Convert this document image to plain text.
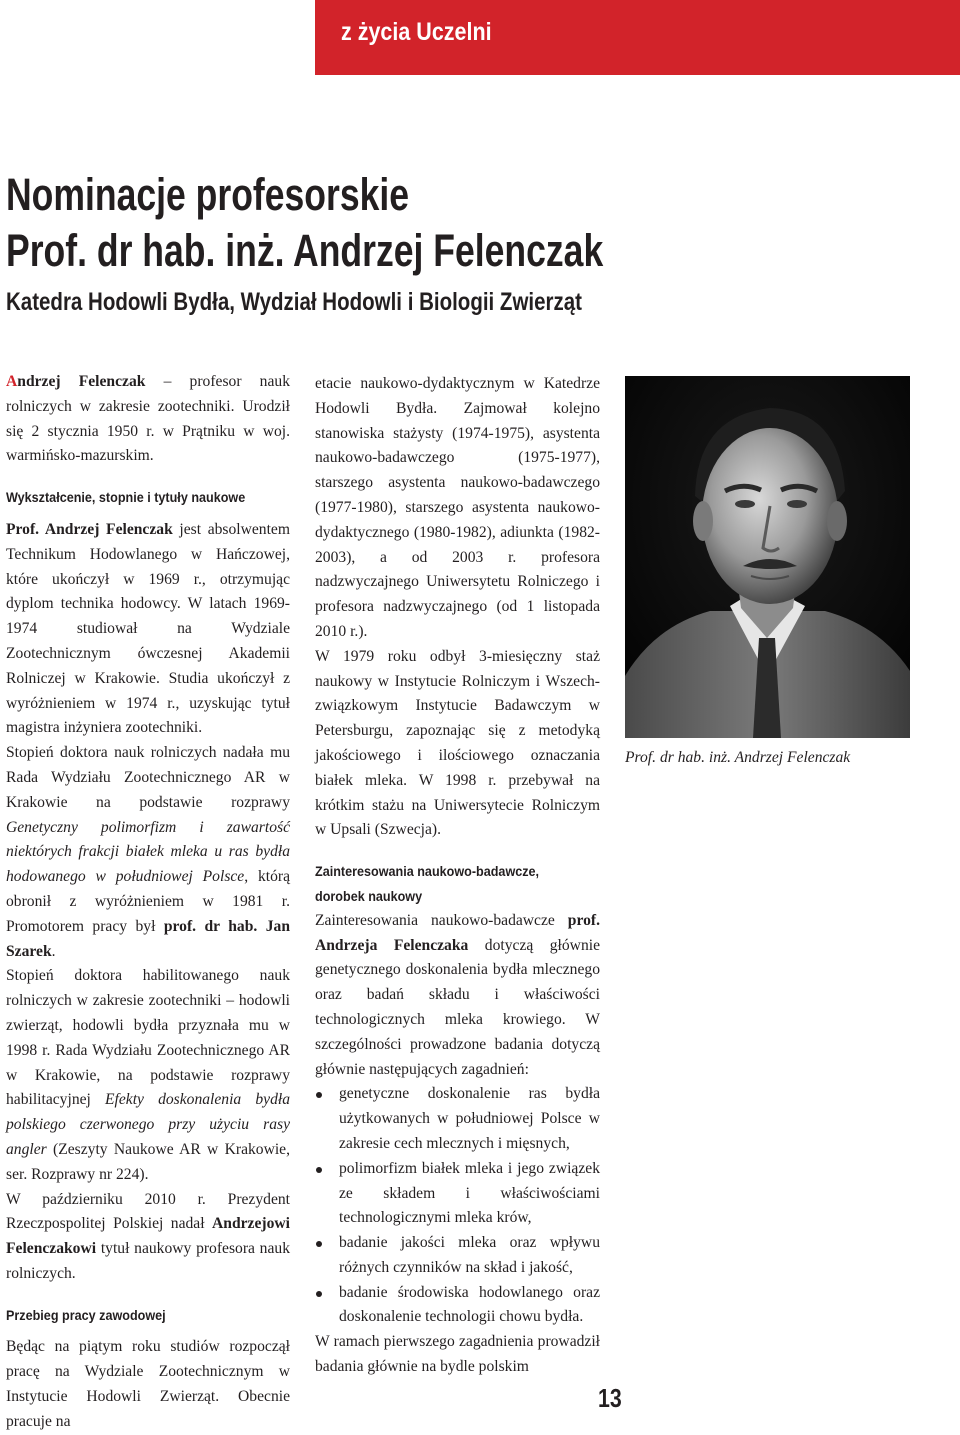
z życia Uczelni
Nominacje profesorskie
Prof. dr hab. inż. Andrzej Felenczak
Katedra Hodowli Bydła, Wydział Hodowli i Biologii Zwierząt

Andrzej Felenczak – profesor nauk rolniczych w zakresie zootechniki. Urodził się 2 stycznia 1950 r. w Prątniku w woj. warmińsko-mazurskim.

Wykształcenie, stopnie i tytuły naukowe

Prof. Andrzej Felenczak jest absolwentem Technikum Hodowlanego w Hańczowej, które ukończył w 1969 r., otrzymując dyplom technika hodowcy. W latach 1969-1974 studiował na Wydziale Zootechnicznym ówczesnej Akademii Rolniczej w Krakowie. Studia ukończył z wyróżnieniem w 1974 r., uzyskując tytuł magistra inżyniera zootechniki.

Stopień doktora nauk rolniczych nadała mu Rada Wydziału Zootechnicznego AR w Krakowie na podstawie rozprawy Genetyczny polimorfizm i zawartość niektórych frakcji białek mleka u ras bydła hodowanego w południowej Polsce, którą obronił z wyróżnieniem w 1981 r. Promotorem pracy był prof. dr hab. Jan Szarek.

Stopień doktora habilitowanego nauk rolniczych w zakresie zootechniki – hodowli zwierząt, hodowli bydła przyznała mu w 1998 r. Rada Wydziału Zootechnicznego AR w Krakowie, na podstawie rozprawy habilitacyjnej Efekty doskonalenia bydła polskiego czerwonego przy użyciu rasy angler (Zeszyty Naukowe AR w Krakowie, ser. Rozprawy nr 224).

W październiku 2010 r. Prezydent Rzeczpospolitej Polskiej nadał Andrzejowi Felenczakowi tytuł naukowy profesora nauk rolniczych.

Przebieg pracy zawodowej

Będąc na piątym roku studiów rozpoczął pracę na Wydziale Zootechnicznym w Instytucie Hodowli Zwierząt. Obecnie pracuje na

etacie naukowo-dydaktycznym w Katedrze Hodowli Bydła. Zajmował kolejno stanowiska stażysty (1974-1975), asystenta naukowo-badawczego (1975-1977), starszego asystenta naukowo-badawczego (1977-1980), starszego asystenta naukowo-dydaktycznego (1980-1982), adiunkta (1982-2003), a od 2003 r. profesora nadzwyczajnego Uniwersytetu Rolniczego i profesora nadzwyczajnego (od 1 listopada 2010 r.).

W 1979 roku odbył 3-miesięczny staż naukowy w Instytucie Rolniczym i Wszech-związkowym Instytucie Badawczym w Petersburgu, zapoznając się z metodyką jakościowego i ilościowego oznaczania białek mleka. W 1998 r. przebywał na krótkim stażu na Uniwersytecie Rolniczym w Upsali (Szwecja).

Zainteresowania naukowo-badawcze,
dorobek naukowy

Zainteresowania naukowo-badawcze prof. Andrzeja Felenczaka dotyczą głównie genetycznego doskonalenia bydła mlecznego oraz badań składu i właściwości technologicznych mleka krowiego. W szczególności prowadzone badania dotyczą głównie następujących zagadnień:

genetyczne doskonalenie ras bydła użytkowanych w południowej Polsce w zakresie cech mlecznych i mięsnych,
polimorfizm białek mleka i jego związek ze składem i właściwościami technologicznymi mleka krów,
badanie jakości mleka oraz wpływu różnych czynników na skład i jakość,
badanie środowiska hodowlanego oraz doskonalenie technologii chowu bydła.

W ramach pierwszego zagadnienia prowadził badania głównie na bydle polskim

Prof. dr hab. inż. Andrzej Felenczak
13
